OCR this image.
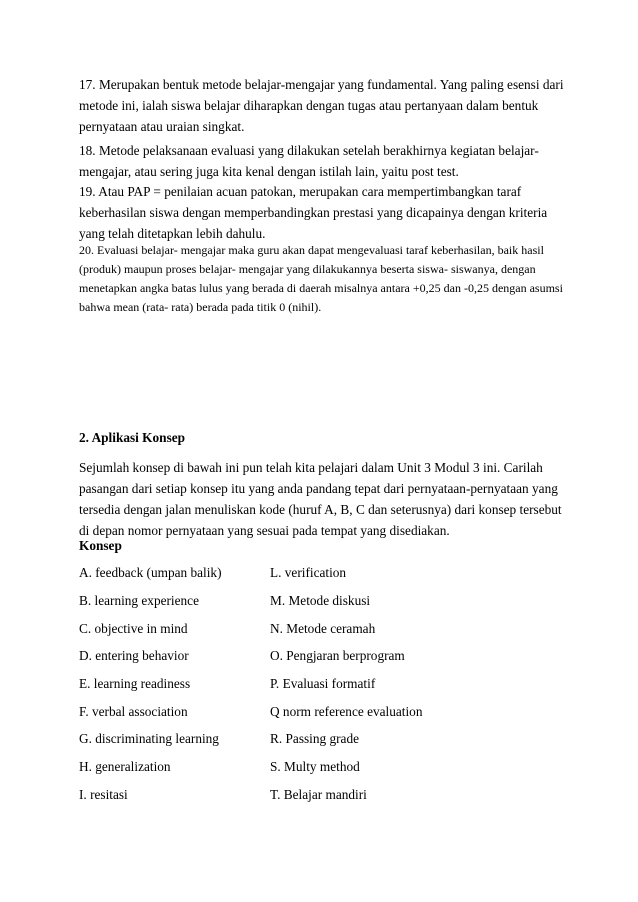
17. Merupakan bentuk metode belajar-mengajar yang fundamental. Yang paling esensi dari metode ini, ialah siswa belajar diharapkan dengan tugas atau pertanyaan dalam bentuk pernyataan atau uraian singkat.

18. Metode pelaksanaan evaluasi yang dilakukan setelah berakhirnya kegiatan belajar-mengajar, atau sering juga kita kenal dengan istilah lain, yaitu post test.

19. Atau PAP = penilaian acuan patokan, merupakan cara mempertimbangkan taraf keberhasilan siswa dengan memperbandingkan prestasi yang dicapainya dengan kriteria yang telah ditetapkan lebih dahulu.

20. Evaluasi belajar- mengajar maka guru akan dapat mengevaluasi taraf keberhasilan, baik hasil (produk) maupun proses belajar- mengajar yang dilakukannya beserta siswa- siswanya, dengan menetapkan angka batas lulus yang berada di daerah misalnya antara +0,25 dan -0,25 dengan asumsi bahwa mean (rata- rata) berada pada titik 0 (nihil).

2. Aplikasi Konsep

Sejumlah konsep di bawah ini pun telah kita pelajari dalam Unit 3 Modul 3 ini. Carilah pasangan dari setiap konsep itu yang anda pandang tepat dari pernyataan-pernyataan yang tersedia dengan jalan menuliskan kode (huruf A, B, C dan seterusnya) dari konsep tersebut di depan nomor pernyataan yang sesuai pada tempat yang disediakan.

Konsep

A. feedback (umpan balik)

B. learning experience

C. objective in mind

D. entering behavior

E. learning readiness

F. verbal association

G. discriminating learning

H. generalization

I. resitasi

L. verification

M. Metode diskusi

N. Metode ceramah

O. Pengjaran berprogram

P. Evaluasi formatif

Q norm reference evaluation

R. Passing grade

S. Multy method

T. Belajar mandiri
